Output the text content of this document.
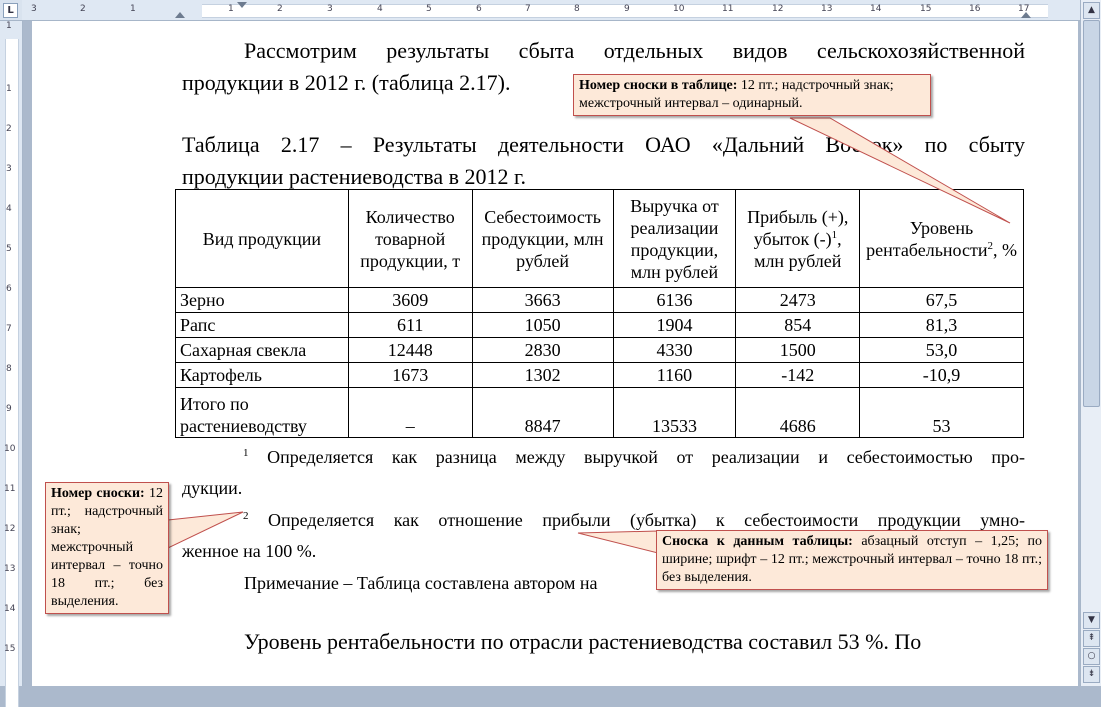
L	3	2	1	1	2	3	4	5	6	7	8	9	10	11	12	13	14	15	16	17
1
1
2
3
4
5
6
7
8
9
10
11
12
13
14
15
▲
▼
⇞
○
⇟
Рассмотрим результаты сбыта отдельных видов сельскохозяйственной
продукции в 2012 г. (таблица 2.17).
Таблица 2.17 – Результаты деятельности ОАО «Дальний Восток» по сбыту
продукции растениеводства в 2012 г.
Вид продукции	Количество товарной продукции, т	Себестоимость продукции, млн рублей	Выручка от реализации продукции, млн рублей	Прибыль (+), убыток $(-)^1$, млн рублей	Уровень рентабельности$^2$, %
Зерно	3609	3663	6136	2473	67,5
Рапс	611	1050	1904	854	81,3
Сахарная свекла	12448	2830	4330	1500	53,0
Картофель	1673	1302	1160	-142	-10,9
Итого по растениеводству	–	8847	13533	4686	53
$^1$ Определяется как разница между выручкой от реализации и себестоимостью про-
дукции.
$^2$ Определяется как отношение прибыли (убытка) к себестоимости продукции умно-
женное на 100 %.
Примечание – Таблица составлена автором на
Уровень рентабельности по отрасли растениеводства составил 53 %. По
Номер сноски в таблице: 12 пт.; надстрочный знак; межстрочный интервал – одинарный.
Номер сноски: 12 пт.; надстрочный знак; межстрочный интервал – точно 18 пт.; без выделения.
Сноска к данным таблицы: абзацный отступ – 1,25; по ширине; шрифт – 12 пт.; межстрочный интервал – точно 18 пт.; без выделения.
